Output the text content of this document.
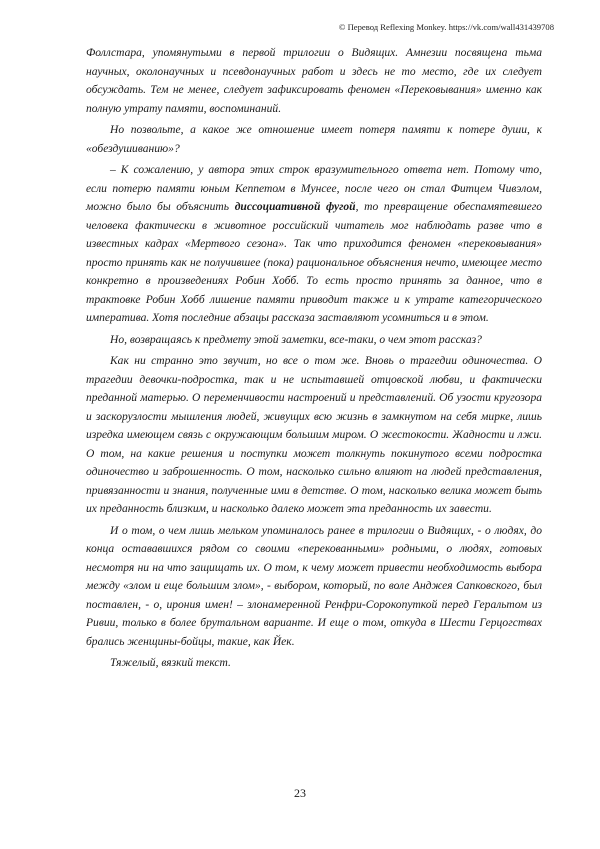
© Перевод Reflexing Monkey. https://vk.com/wall431439708

Фоллстара, упомянутыми в первой трилогии о Видящих. Амнезии посвящена тьма научных, околонаучных и псевдонаучных работ и здесь не то место, где их следует обсуждать. Тем не менее, следует зафиксировать феномен «Перековывания» именно как полную утрату памяти, воспоминаний.

Но позвольте, а какое же отношение имеет потеря памяти к потере души, к «обездушиванию»?

– К сожалению, у автора этих строк вразумительного ответа нет. Потому что, если потерю памяти юным Кеппетом в Мунсее, после чего он стал Фитцем Чивэлом, можно было бы объяснить диссоциативной фугой, то превращение обеспамятевшего человека фактически в животное российский читатель мог наблюдать разве что в известных кадрах «Мертвого сезона». Так что приходится феномен «перековывания» просто принять как не получившее (пока) рациональное объяснения нечто, имеющее место конкретно в произведениях Робин Хобб. То есть просто принять за данное, что в трактовке Робин Хобб лишение памяти приводит также и к утрате категорического императива. Хотя последние абзацы рассказа заставляют усомниться и в этом.

Но, возвращаясь к предмету этой заметки, все-таки, о чем этот рассказ?

Как ни странно это звучит, но все о том же. Вновь о трагедии одиночества. О трагедии девочки-подростка, так и не испытавшей отцовской любви, и фактически преданной матерью. О переменчивости настроений и представлений. Об узости кругозора и заскорузлости мышления людей, живущих всю жизнь в замкнутом на себя мирке, лишь изредка имеющем связь с окружающим большим миром. О жестокости. Жадности и лжи. О том, на какие решения и поступки может толкнуть покинутого всеми подростка одиночество и заброшенность. О том, насколько сильно влияют на людей представления, привязанности и знания, полученные ими в детстве. О том, насколько велика может быть их преданность близким, и насколько далеко может эта преданность их завести.

И о том, о чем лишь мельком упоминалось ранее в трилогии о Видящих, - о людях, до конца остававшихся рядом со своими «перекованными» родными, о людях, готовых несмотря ни на что защищать их. О том, к чему может привести необходимость выбора между «злом и еще большим злом», - выбором, который, по воле Анджея Сапковского, был поставлен, - о, ирония имен! – злонамеренной Ренфри-Сорокопуткой перед Геральтом из Ривии, только в более брутальном варианте. И еще о том, откуда в Шести Герцогствах брались женщины-бойцы, такие, как Йек.

Тяжелый, вязкий текст.

23
